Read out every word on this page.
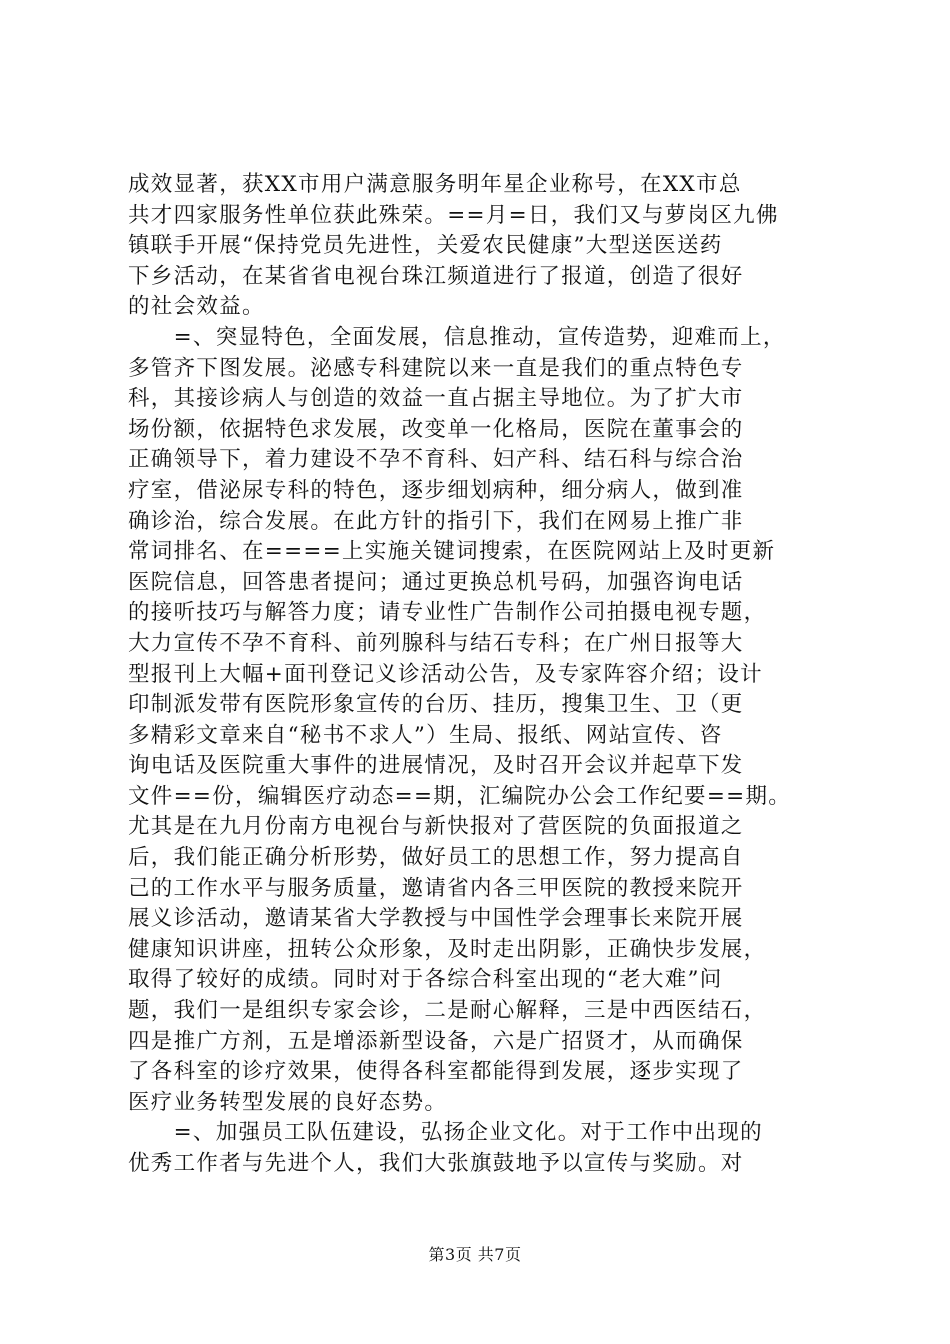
成效显著，获XX市用户满意服务明年星企业称号，在XX市总
共才四家服务性单位获此殊荣。==月=日，我们又与萝岗区九佛
镇联手开展“保持党员先进性，关爱农民健康”大型送医送药
下乡活动，在某省省电视台珠江频道进行了报道，创造了很好
的社会效益。
　　=、突显特色，全面发展，信息推动，宣传造势，迎难而上，
多管齐下图发展。泌感专科建院以来一直是我们的重点特色专
科，其接诊病人与创造的效益一直占据主导地位。为了扩大市
场份额，依据特色求发展，改变单一化格局，医院在董事会的
正确领导下，着力建设不孕不育科、妇产科、结石科与综合治
疗室，借泌尿专科的特色，逐步细划病种，细分病人，做到准
确诊治，综合发展。在此方针的指引下，我们在网易上推广非
常词排名、在====上实施关键词搜索，在医院网站上及时更新
医院信息，回答患者提问；通过更换总机号码，加强咨询电话
的接听技巧与解答力度；请专业性广告制作公司拍摄电视专题，
大力宣传不孕不育科、前列腺科与结石专科；在广州日报等大
型报刊上大幅+面刊登记义诊活动公告，及专家阵容介绍；设计
印制派发带有医院形象宣传的台历、挂历，搜集卫生、卫（更
多精彩文章来自“秘书不求人”）生局、报纸、网站宣传、咨
询电话及医院重大事件的进展情况，及时召开会议并起草下发
文件==份，编辑医疗动态==期，汇编院办公会工作纪要==期。
尤其是在九月份南方电视台与新快报对了营医院的负面报道之
后，我们能正确分析形势，做好员工的思想工作，努力提高自
己的工作水平与服务质量，邀请省内各三甲医院的教授来院开
展义诊活动，邀请某省大学教授与中国性学会理事长来院开展
健康知识讲座，扭转公众形象，及时走出阴影，正确快步发展，
取得了较好的成绩。同时对于各综合科室出现的“老大难”问
题，我们一是组织专家会诊，二是耐心解释，三是中西医结石，
四是推广方剂，五是增添新型设备，六是广招贤才，从而确保
了各科室的诊疗效果，使得各科室都能得到发展，逐步实现了
医疗业务转型发展的良好态势。
　　=、加强员工队伍建设，弘扬企业文化。对于工作中出现的
优秀工作者与先进个人，我们大张旗鼓地予以宣传与奖励。对
第3页 共7页
